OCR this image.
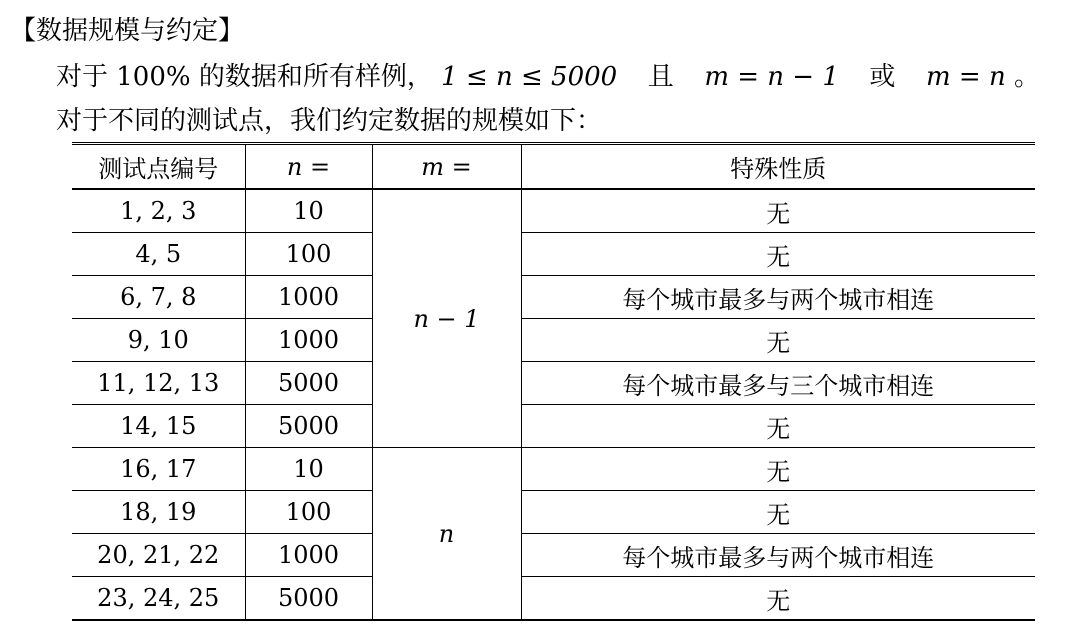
【数据规模与约定】
对于 100% 的数据和所有样例， 1 ≤ n ≤ 5000 且 m = n − 1 或 m = n 。
对于不同的测试点，我们约定数据的规模如下：
测试点编号	n =	m =	特殊性质
1, 2, 3	10	n − 1	无
4, 5	100		无
6, 7, 8	1000		每个城市最多与两个城市相连
9, 10	1000		无
11, 12, 13	5000		每个城市最多与三个城市相连
14, 15	5000		无
16, 17	10	n	无
18, 19	100		无
20, 21, 22	1000		每个城市最多与两个城市相连
23, 24, 25	5000		无
